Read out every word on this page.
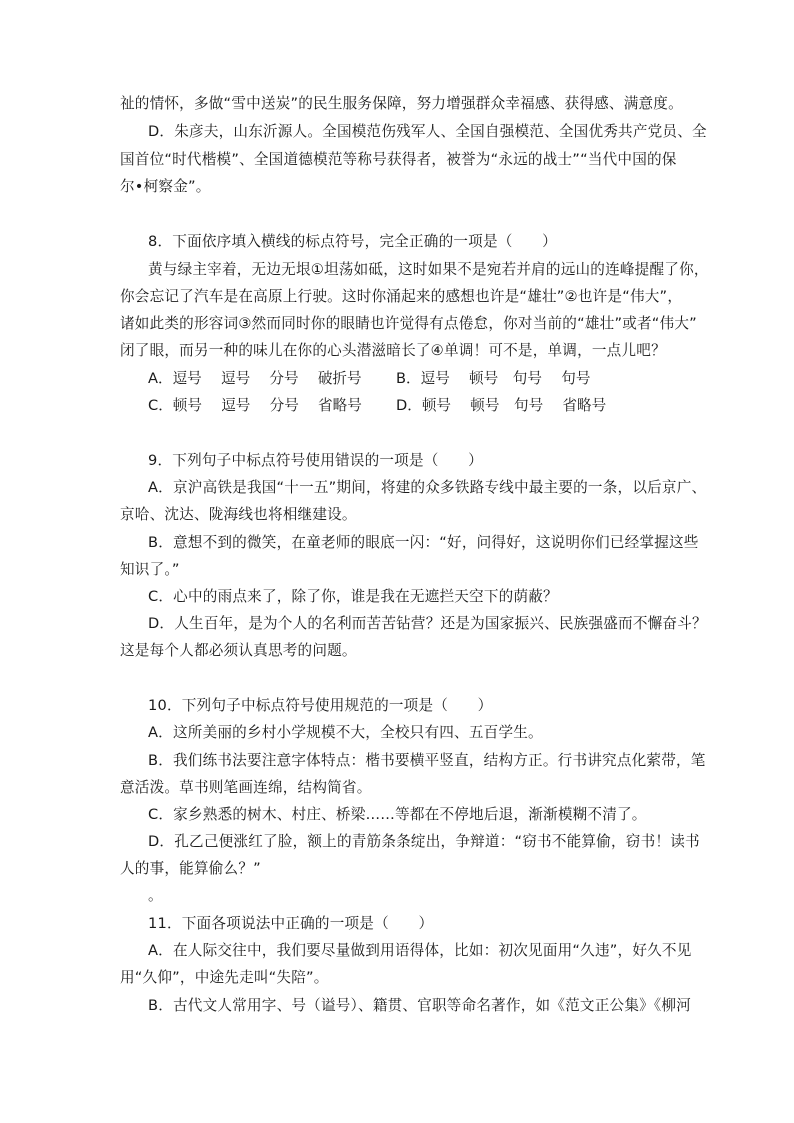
祉的情怀，多做“雪中送炭”的民生服务保障，努力增强群众幸福感、获得感、满意度。
D．朱彦夫，山东沂源人。全国模范伤残军人、全国自强模范、全国优秀共产党员、全
国首位“时代楷模”、全国道德模范等称号获得者，被誉为“永远的战士”“当代中国的保
尔•柯察金”。
8．下面依序填入横线的标点符号，完全正确的一项是（　　）
黄与绿主宰着，无边无垠①坦荡如砥，这时如果不是宛若并肩的远山的连峰提醒了你，
你会忘记了汽车是在高原上行驶。这时你涌起来的感想也许是“雄壮”②也许是“伟大”，
诸如此类的形容词③然而同时你的眼睛也许觉得有点倦怠，你对当前的“雄壮”或者“伟大”
闭了眼，而另一种的味儿在你的心头潜滋暗长了④单调！可不是，单调，一点儿吧？
A．逗号　 逗号　 分号　 破折号 B．逗号　 顿号　句号　 句号
C．顿号　 逗号　 分号　 省略号 D．顿号　 顿号　句号　 省略号
9．下列句子中标点符号使用错误的一项是（　　）
A．京沪高铁是我国“十一五”期间，将建的众多铁路专线中最主要的一条，以后京广、
京哈、沈达、陇海线也将相继建设。
B．意想不到的微笑，在童老师的眼底一闪：“好，问得好，这说明你们已经掌握这些
知识了。”
C．心中的雨点来了，除了你，谁是我在无遮拦天空下的荫蔽？
D．人生百年，是为个人的名利而苦苦钻营？还是为国家振兴、民族强盛而不懈奋斗？
这是每个人都必须认真思考的问题。
10．下列句子中标点符号使用规范的一项是（　　）
A．这所美丽的乡村小学规模不大，全校只有四、五百学生。
B．我们练书法要注意字体特点：楷书要横平竖直，结构方正。行书讲究点化萦带，笔
意活泼。草书则笔画连绵，结构简省。
C．家乡熟悉的树木、村庄、桥梁……等都在不停地后退，渐渐模糊不清了。
D．孔乙己便涨红了脸，额上的青筋条条绽出，争辩道：“窃书不能算偷，窃书！读书
人的事，能算偷么？”
。
11．下面各项说法中正确的一项是（　　）
A．在人际交往中，我们要尽量做到用语得体，比如：初次见面用“久违”，好久不见
用“久仰”，中途先走叫“失陪”。
B．古代文人常用字、号（谥号）、籍贯、官职等命名著作，如《范文正公集》《柳河
